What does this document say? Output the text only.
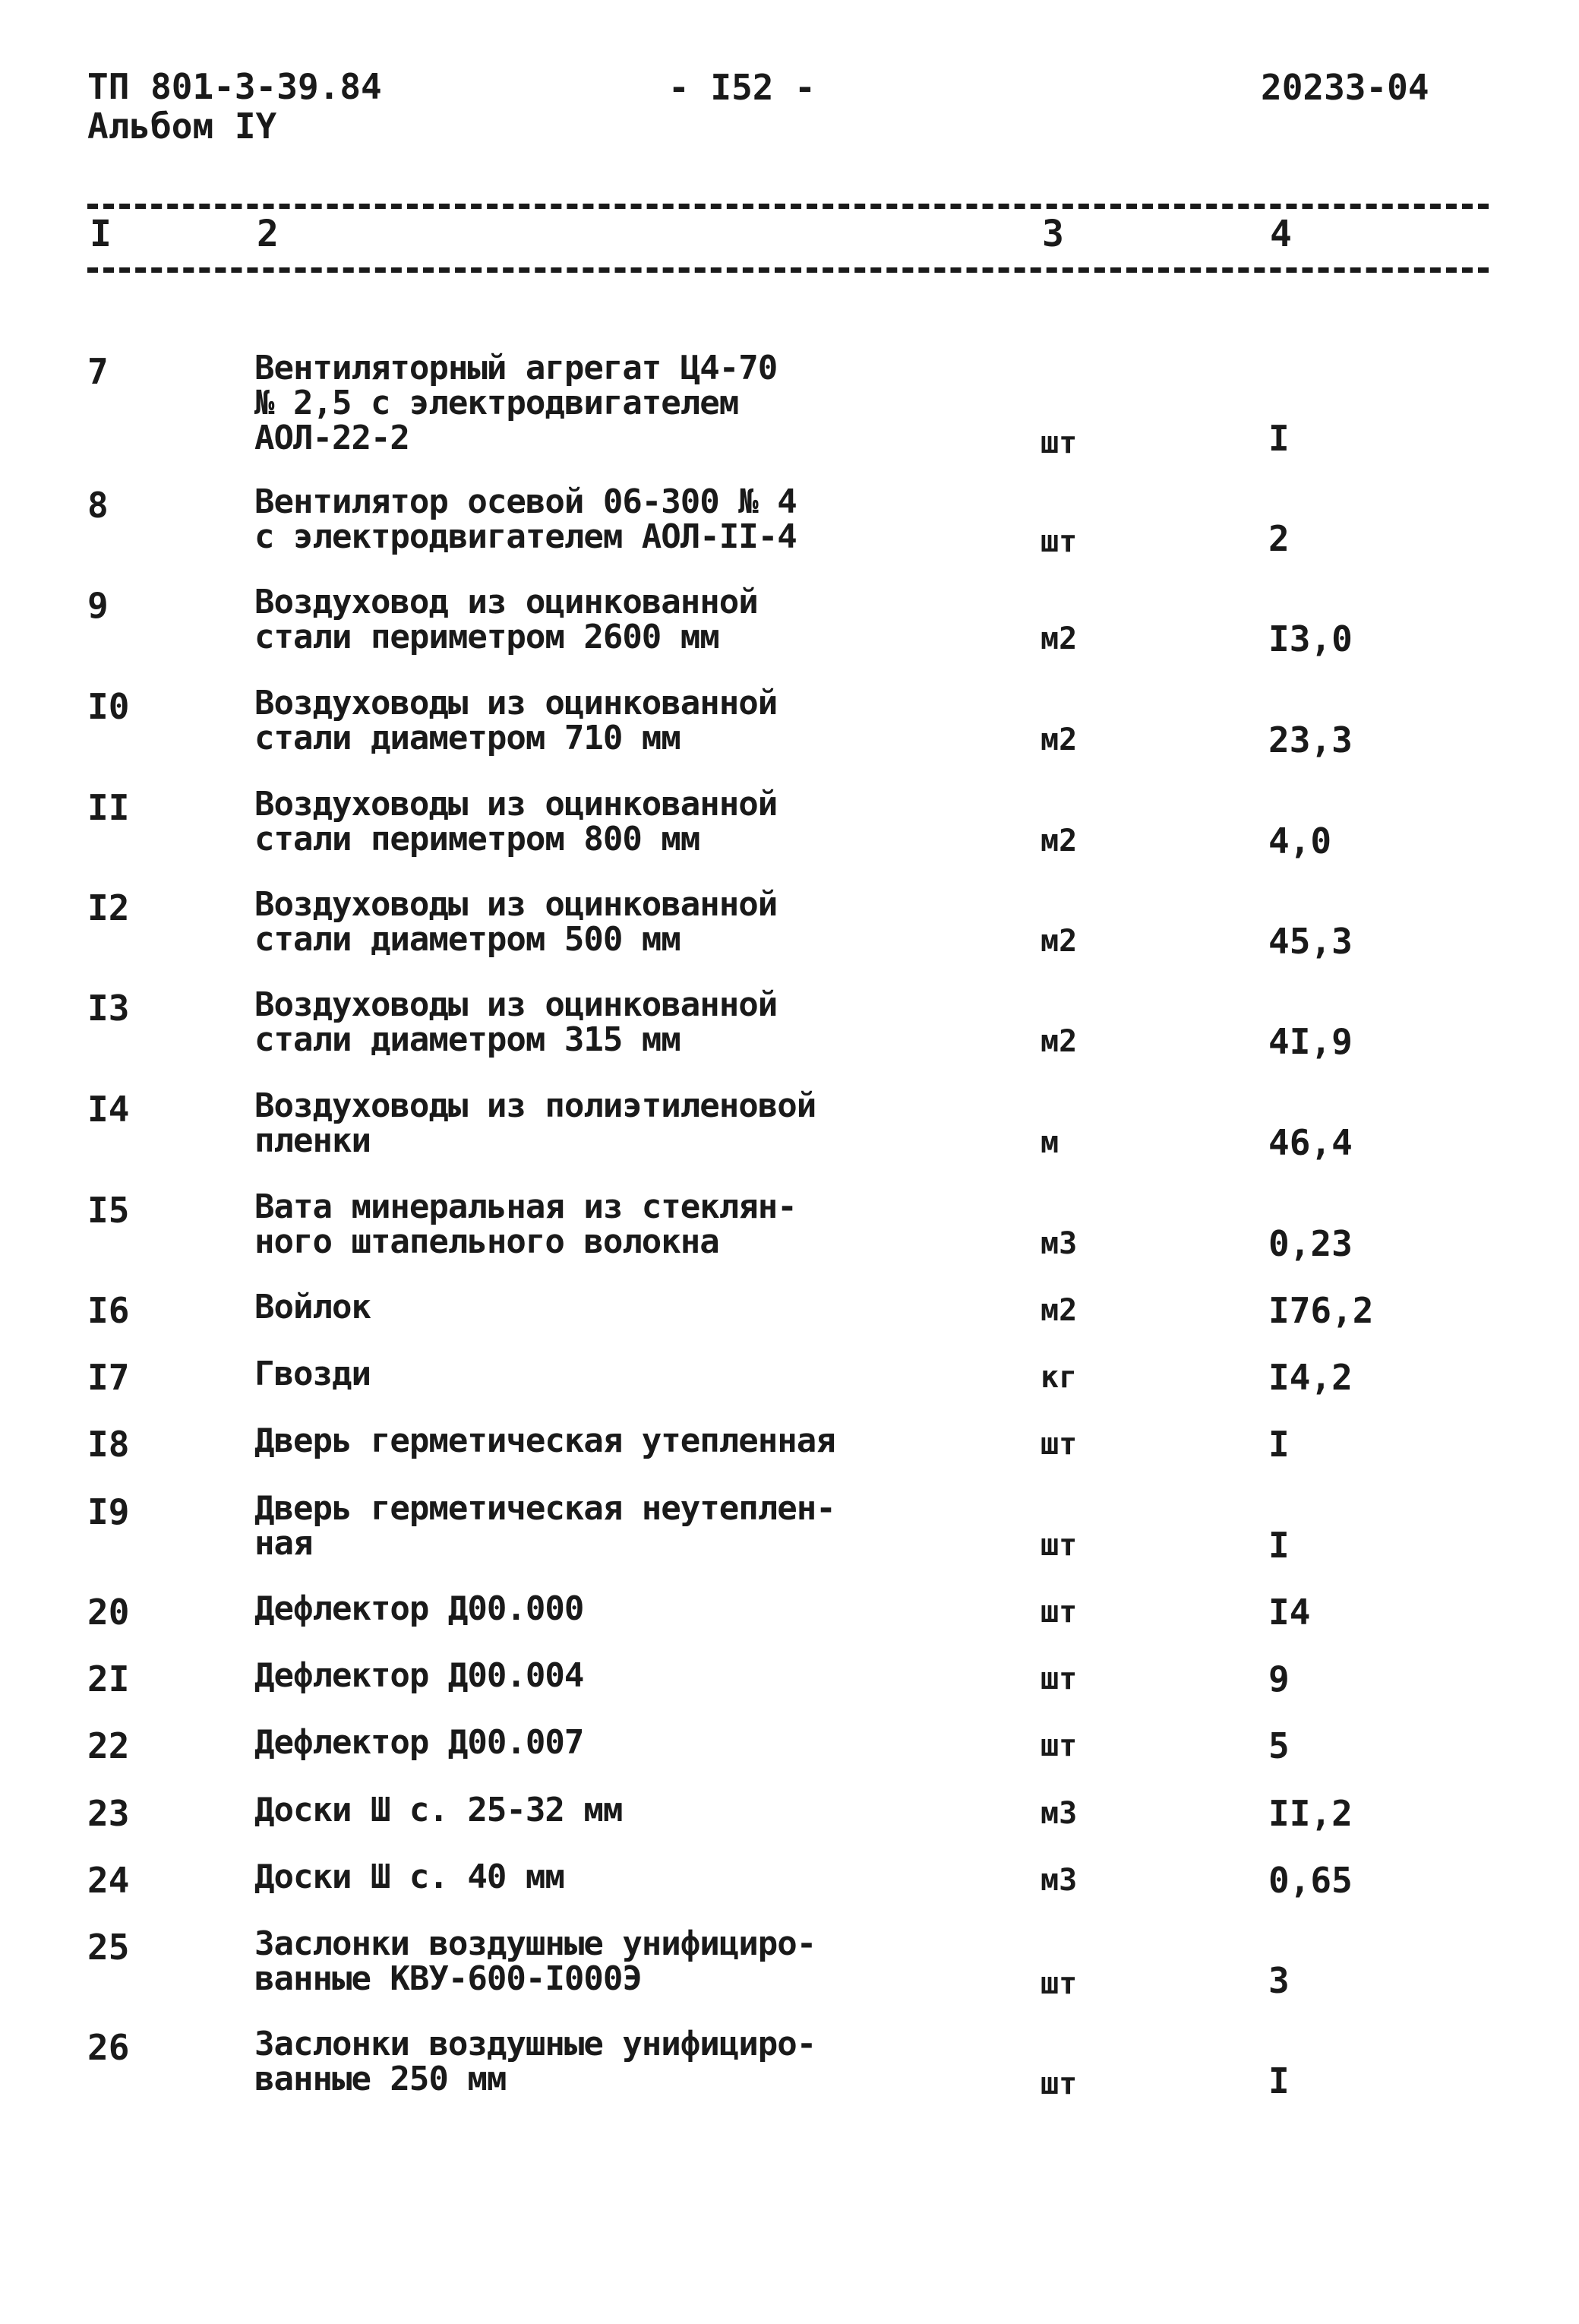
ТП 801-3-39.84
Альбом IY
- I52 -	20233-04
I	2	3	4
7	Вентиляторный агрегат Ц4-70
№ 2,5 с электродвигателем
АОЛ-22-2	шт	I
8	Вентилятор осевой 06-300 № 4
с электродвигателем АОЛ-II-4	шт	2
9	Воздуховод из оцинкованной
стали периметром 2600 мм	м2	I3,0
I0	Воздуховоды из оцинкованной
стали диаметром 710 мм	м2	23,3
II	Воздуховоды из оцинкованной
стали периметром 800 мм	м2	4,0
I2	Воздуховоды из оцинкованной
стали диаметром 500 мм	м2	45,3
I3	Воздуховоды из оцинкованной
стали диаметром 315 мм	м2	4I,9
I4	Воздуховоды из полиэтиленовой
пленки	м	46,4
I5	Вата минеральная из стеклян-
ного штапельного волокна	м3	0,23
I6	Войлок	м2	I76,2
I7	Гвозди	кг	I4,2
I8	Дверь герметическая утепленная	шт	I
I9	Дверь герметическая неутеплен-
ная	шт	I
20	Дефлектор Д00.000	шт	I4
2I	Дефлектор Д00.004	шт	9
22	Дефлектор Д00.007	шт	5
23	Доски Ш с. 25-32 мм	м3	II,2
24	Доски Ш с. 40 мм	м3	0,65
25	Заслонки воздушные унифициро-
ванные КВУ-600-I000Э	шт	3
26	Заслонки воздушные унифициро-
ванные 250 мм	шт	I
